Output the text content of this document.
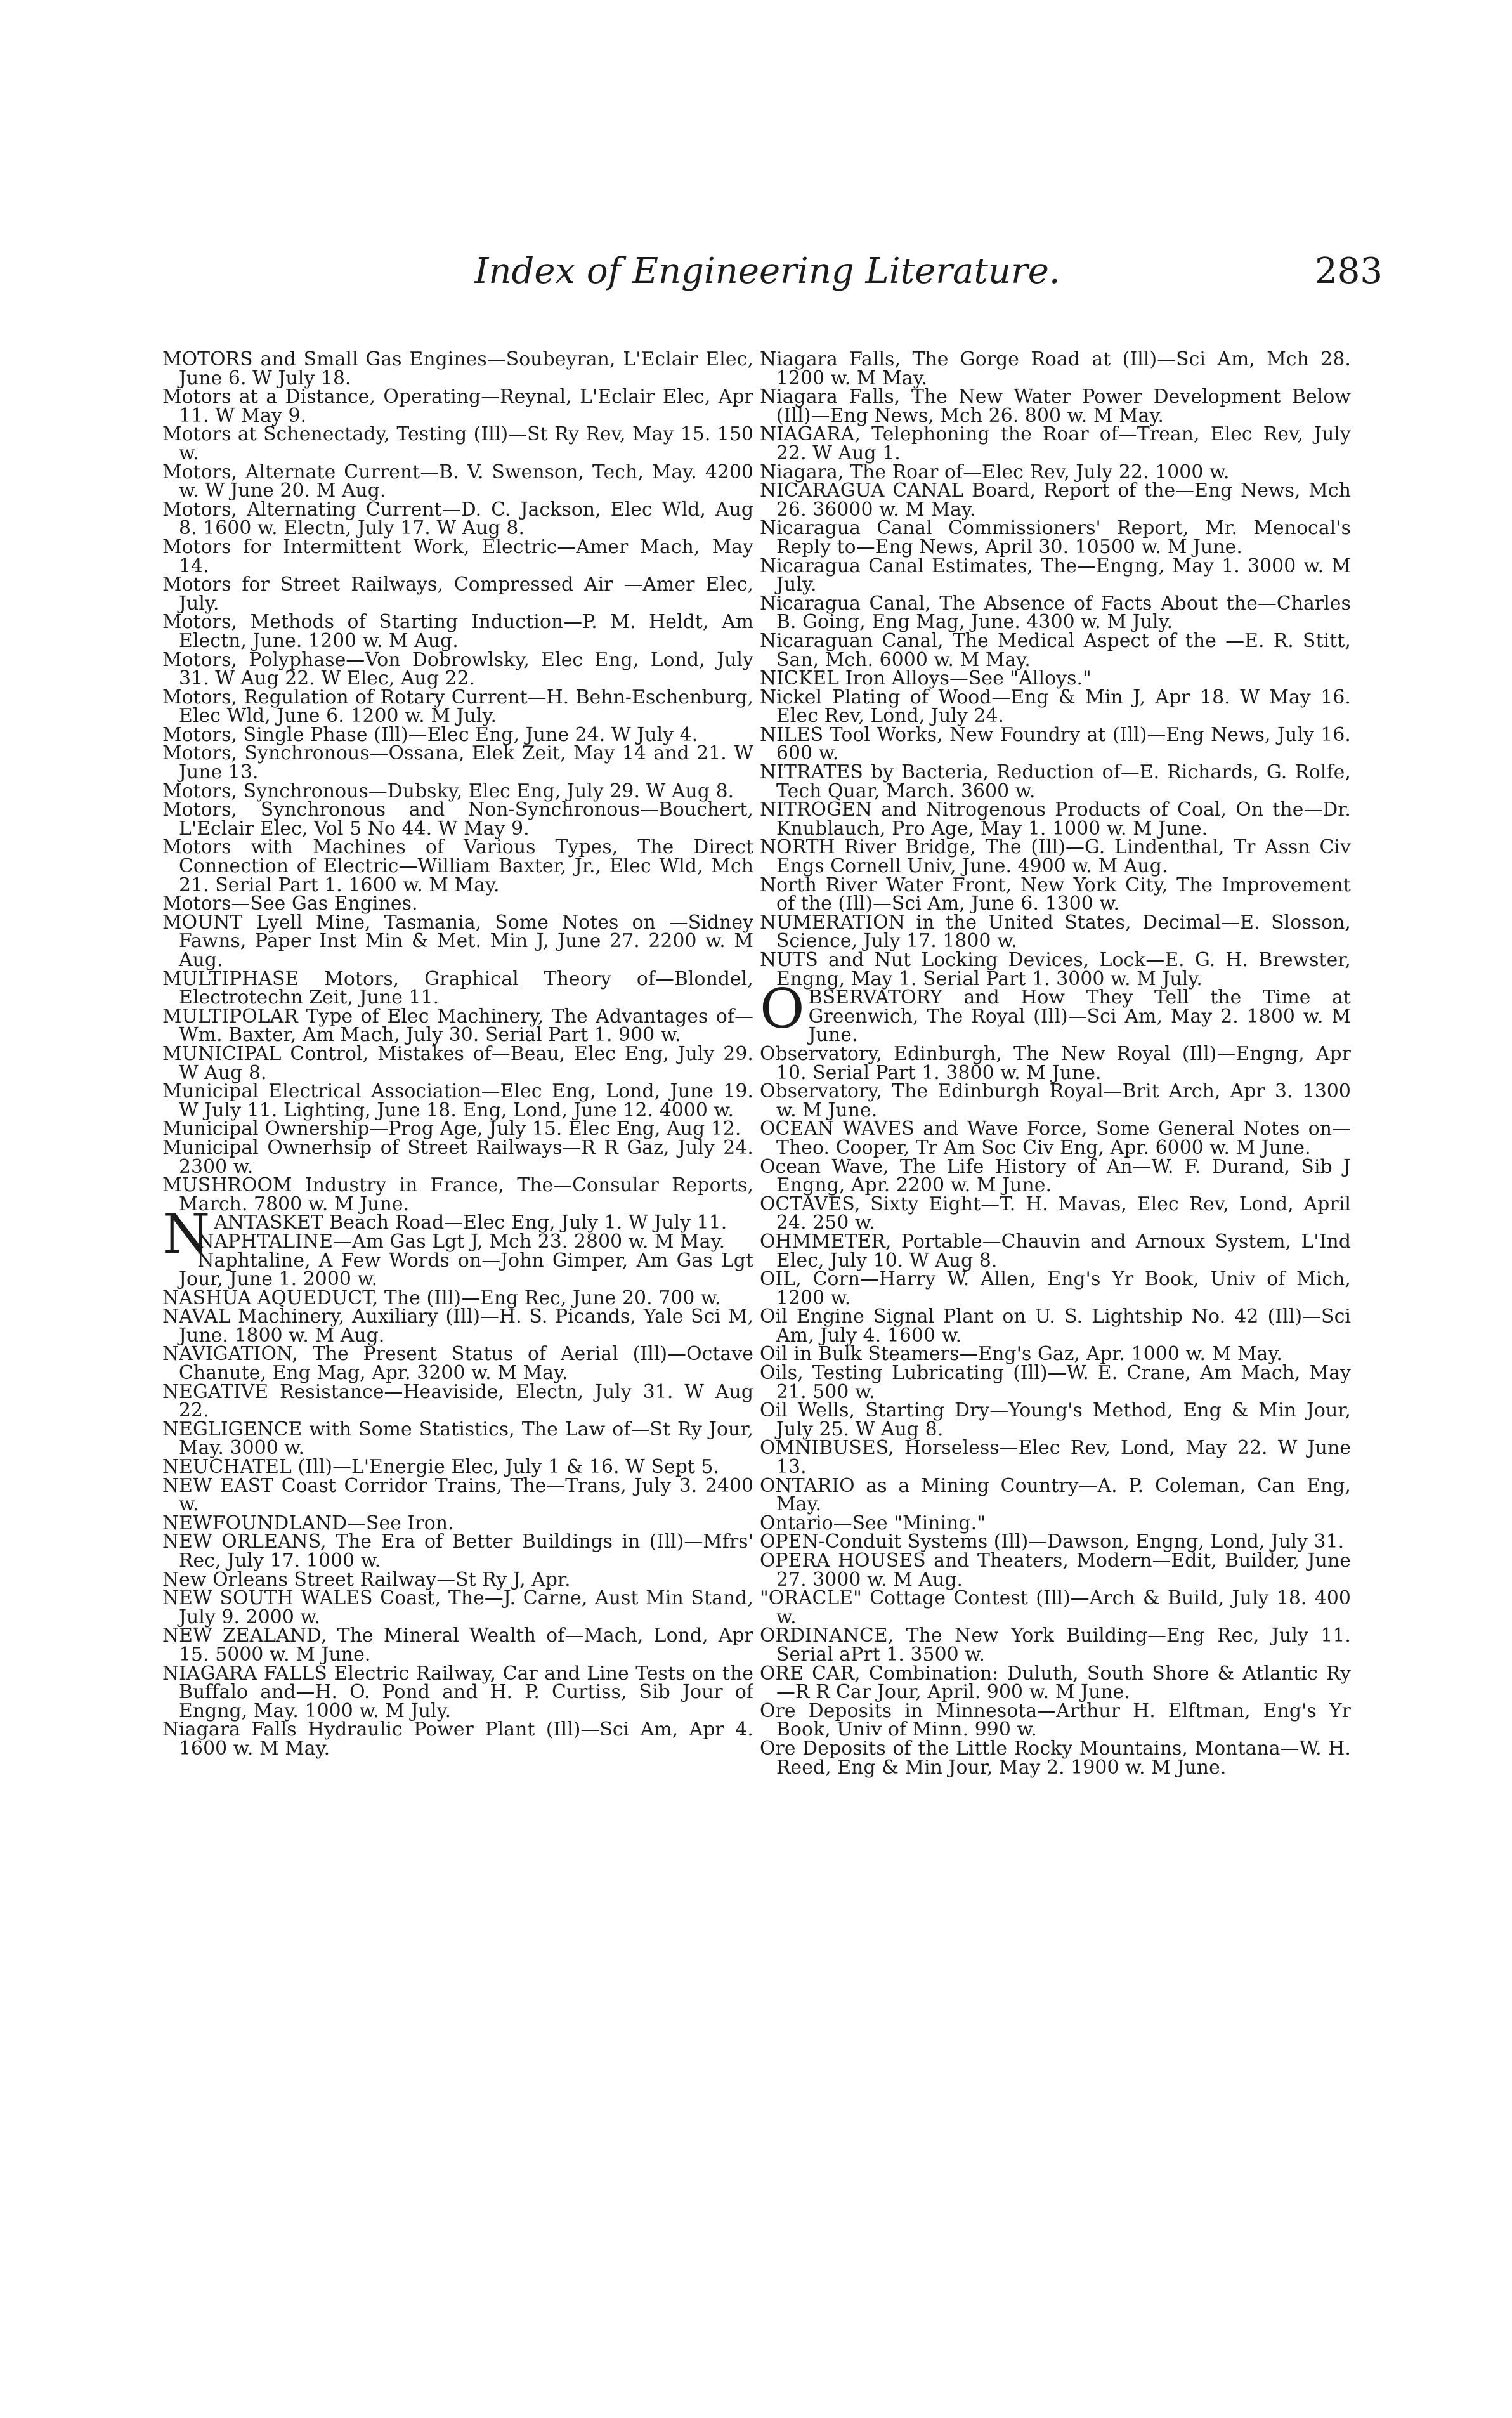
Index of Engineering Literature.	283

MOTORS and Small Gas Engines—Soubeyran, L'Eclair Elec, June 6. W July 18.

Motors at a Distance, Operating—Reynal, L'Eclair Elec, Apr 11. W May 9.

Motors at Schenectady, Testing (Ill)—St Ry Rev, May 15. 150 w.

Motors, Alternate Current—B. V. Swenson, Tech, May. 4200 w. W June 20. M Aug.

Motors, Alternating Current—D. C. Jackson, Elec Wld, Aug 8. 1600 w. Electn, July 17. W Aug 8.

Motors for Intermittent Work, Electric—Amer Mach, May 14.

Motors for Street Railways, Compressed Air —Amer Elec, July.

Motors, Methods of Starting Induction—P. M. Heldt, Am Electn, June. 1200 w. M Aug.

Motors, Polyphase—Von Dobrowlsky, Elec Eng, Lond, July 31. W Aug 22. W Elec, Aug 22.

Motors, Regulation of Rotary Current—H. Behn-Eschenburg, Elec Wld, June 6. 1200 w. M July.

Motors, Single Phase (Ill)—Elec Eng, June 24. W July 4.

Motors, Synchronous—Ossana, Elek Zeit, May 14 and 21. W June 13.

Motors, Synchronous—Dubsky, Elec Eng, July 29. W Aug 8.

Motors, Synchronous and Non-Synchronous—Bouchert, L'Eclair Elec, Vol 5 No 44. W May 9.

Motors with Machines of Various Types, The Direct Connection of Electric—William Baxter, Jr., Elec Wld, Mch 21. Serial Part 1. 1600 w. M May.

Motors—See Gas Engines.

MOUNT Lyell Mine, Tasmania, Some Notes on —Sidney Fawns, Paper Inst Min & Met. Min J, June 27. 2200 w. M Aug.

MULTIPHASE Motors, Graphical Theory of—Blondel, Electrotechn Zeit, June 11.

MULTIPOLAR Type of Elec Machinery, The Advantages of—Wm. Baxter, Am Mach, July 30. Serial Part 1. 900 w.

MUNICIPAL Control, Mistakes of—Beau, Elec Eng, July 29. W Aug 8.

Municipal Electrical Association—Elec Eng, Lond, June 19. W July 11. Lighting, June 18. Eng, Lond, June 12. 4000 w.

Municipal Ownership—Prog Age, July 15. Elec Eng, Aug 12.

Municipal Ownerhsip of Street Railways—R R Gaz, July 24. 2300 w.

MUSHROOM Industry in France, The—Consular Reports, March. 7800 w. M June.

NANTASKET Beach Road—Elec Eng, July 1. W July 11.

NAPHTALINE—Am Gas Lgt J, Mch 23. 2800 w. M May.

Naphtaline, A Few Words on—John Gimper, Am Gas Lgt Jour, June 1. 2000 w.

NASHUA AQUEDUCT, The (Ill)—Eng Rec, June 20. 700 w.

NAVAL Machinery, Auxiliary (Ill)—H. S. Picands, Yale Sci M, June. 1800 w. M Aug.

NAVIGATION, The Present Status of Aerial (Ill)—Octave Chanute, Eng Mag, Apr. 3200 w. M May.

NEGATIVE Resistance—Heaviside, Electn, July 31. W Aug 22.

NEGLIGENCE with Some Statistics, The Law of—St Ry Jour, May. 3000 w.

NEUCHATEL (Ill)—L'Energie Elec, July 1 & 16. W Sept 5.

NEW EAST Coast Corridor Trains, The—Trans, July 3. 2400 w.

NEWFOUNDLAND—See Iron.

NEW ORLEANS, The Era of Better Buildings in (Ill)—Mfrs' Rec, July 17. 1000 w.

New Orleans Street Railway—St Ry J, Apr.

NEW SOUTH WALES Coast, The—J. Carne, Aust Min Stand, July 9. 2000 w.

NEW ZEALAND, The Mineral Wealth of—Mach, Lond, Apr 15. 5000 w. M June.

NIAGARA FALLS Electric Railway, Car and Line Tests on the Buffalo and—H. O. Pond and H. P. Curtiss, Sib Jour of Engng, May. 1000 w. M July.

Niagara Falls Hydraulic Power Plant (Ill)—Sci Am, Apr 4. 1600 w. M May.

Niagara Falls, The Gorge Road at (Ill)—Sci Am, Mch 28. 1200 w. M May.

Niagara Falls, The New Water Power Development Below (Ill)—Eng News, Mch 26. 800 w. M May.

NIAGARA, Telephoning the Roar of—Trean, Elec Rev, July 22. W Aug 1.

Niagara, The Roar of—Elec Rev, July 22. 1000 w.

NICARAGUA CANAL Board, Report of the—Eng News, Mch 26. 36000 w. M May.

Nicaragua Canal Commissioners' Report, Mr. Menocal's Reply to—Eng News, April 30. 10500 w. M June.

Nicaragua Canal Estimates, The—Engng, May 1. 3000 w. M July.

Nicaragua Canal, The Absence of Facts About the—Charles B. Going, Eng Mag, June. 4300 w. M July.

Nicaraguan Canal, The Medical Aspect of the —E. R. Stitt, San, Mch. 6000 w. M May.

NICKEL Iron Alloys—See "Alloys."

Nickel Plating of Wood—Eng & Min J, Apr 18. W May 16. Elec Rev, Lond, July 24.

NILES Tool Works, New Foundry at (Ill)—Eng News, July 16. 600 w.

NITRATES by Bacteria, Reduction of—E. Richards, G. Rolfe, Tech Quar, March. 3600 w.

NITROGEN and Nitrogenous Products of Coal, On the—Dr. Knublauch, Pro Age, May 1. 1000 w. M June.

NORTH River Bridge, The (Ill)—G. Lindenthal, Tr Assn Civ Engs Cornell Univ, June. 4900 w. M Aug.

North River Water Front, New York City, The Improvement of the (Ill)—Sci Am, June 6. 1300 w.

NUMERATION in the United States, Decimal—E. Slosson, Science, July 17. 1800 w.

NUTS and Nut Locking Devices, Lock—E. G. H. Brewster, Engng, May 1. Serial Part 1. 3000 w. M July.

OBSERVATORY and How They Tell the Time at Greenwich, The Royal (Ill)—Sci Am, May 2. 1800 w. M June.

Observatory, Edinburgh, The New Royal (Ill)—Engng, Apr 10. Serial Part 1. 3800 w. M June.

Observatory, The Edinburgh Royal—Brit Arch, Apr 3. 1300 w. M June.

OCEAN WAVES and Wave Force, Some General Notes on—Theo. Cooper, Tr Am Soc Civ Eng, Apr. 6000 w. M June.

Ocean Wave, The Life History of An—W. F. Durand, Sib J Engng, Apr. 2200 w. M June.

OCTAVES, Sixty Eight—T. H. Mavas, Elec Rev, Lond, April 24. 250 w.

OHMMETER, Portable—Chauvin and Arnoux System, L'Ind Elec, July 10. W Aug 8.

OIL, Corn—Harry W. Allen, Eng's Yr Book, Univ of Mich, 1200 w.

Oil Engine Signal Plant on U. S. Lightship No. 42 (Ill)—Sci Am, July 4. 1600 w.

Oil in Bulk Steamers—Eng's Gaz, Apr. 1000 w. M May.

Oils, Testing Lubricating (Ill)—W. E. Crane, Am Mach, May 21. 500 w.

Oil Wells, Starting Dry—Young's Method, Eng & Min Jour, July 25. W Aug 8.

OMNIBUSES, Horseless—Elec Rev, Lond, May 22. W June 13.

ONTARIO as a Mining Country—A. P. Coleman, Can Eng, May.

Ontario—See "Mining."

OPEN-Conduit Systems (Ill)—Dawson, Engng, Lond, July 31.

OPERA HOUSES and Theaters, Modern—Edit, Builder, June 27. 3000 w. M Aug.

"ORACLE" Cottage Contest (Ill)—Arch & Build, July 18. 400 w.

ORDINANCE, The New York Building—Eng Rec, July 11. Serial aPrt 1. 3500 w.

ORE CAR, Combination: Duluth, South Shore & Atlantic Ry—R R Car Jour, April. 900 w. M June.

Ore Deposits in Minnesota—Arthur H. Elftman, Eng's Yr Book, Univ of Minn. 990 w.

Ore Deposits of the Little Rocky Mountains, Montana—W. H. Reed, Eng & Min Jour, May 2. 1900 w. M June.
